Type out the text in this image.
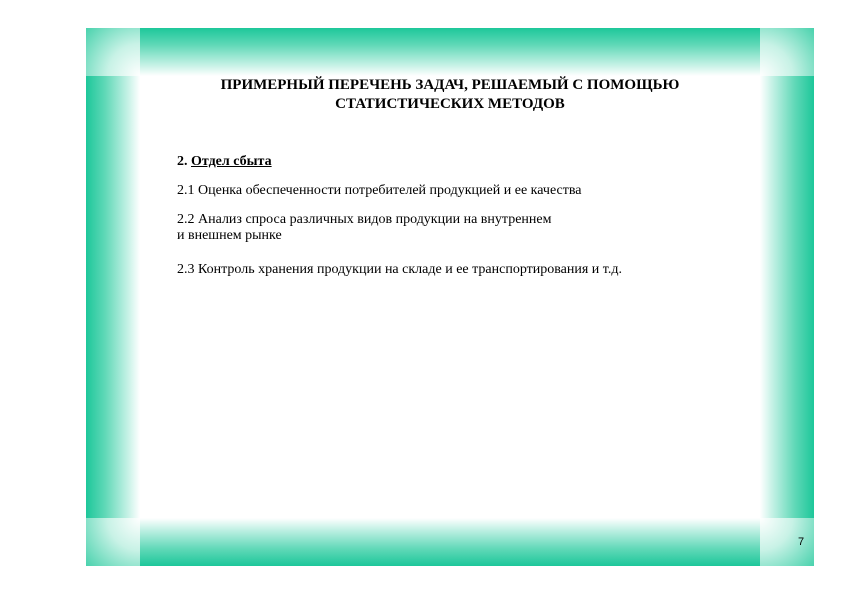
ПРИМЕРНЫЙ ПЕРЕЧЕНЬ ЗАДАЧ, РЕШАЕМЫЙ С ПОМОЩЬЮ
СТАТИСТИЧЕСКИХ МЕТОДОВ

2. Отдел сбыта

2.1 Оценка обеспеченности потребителей продукцией и ее качества

2.2 Анализ спроса различных видов продукции на внутреннем

и внешнем рынке

2.3 Контроль хранения продукции на складе и ее транспортирования и т.д.

7
